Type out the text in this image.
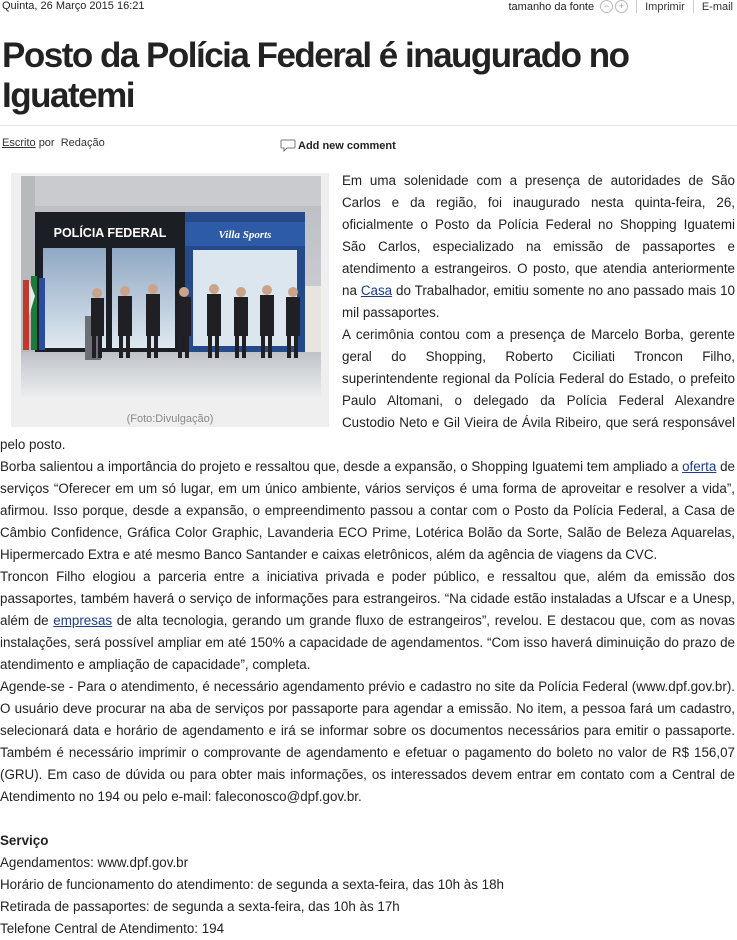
Quinta, 26 Março 2015 16:21	tamanho da fonte	−	+	Imprimir E-mail
Posto da Polícia Federal é inaugurado no Iguatemi
Escrito por Redação	Add new comment
POLÍCIA FEDERAL	Villa Sports
(Foto:Divulgação)

Em uma solenidade com a presença de autoridades de São Carlos e da região, foi inaugurado nesta quinta-feira, 26, oficialmente o Posto da Polícia Federal no Shopping Iguatemi São Carlos, especializado na emissão de passaportes e atendimento a estrangeiros. O posto, que atendia anteriormente na Casa do Trabalhador, emitiu somente no ano passado mais 10 mil passaportes.

A cerimônia contou com a presença de Marcelo Borba, gerente geral do Shopping, Roberto Ciciliati Troncon Filho, superintendente regional da Polícia Federal do Estado, o prefeito Paulo Altomani, o delegado da Polícia Federal Alexandre Custodio Neto e Gil Vieira de Ávila Ribeiro, que será responsável pelo posto.

Borba salientou a importância do projeto e ressaltou que, desde a expansão, o Shopping Iguatemi tem ampliado a oferta de serviços “Oferecer em um só lugar, em um único ambiente, vários serviços é uma forma de aproveitar e resolver a vida”, afirmou. Isso porque, desde a expansão, o empreendimento passou a contar com o Posto da Polícia Federal, a Casa de Câmbio Confidence, Gráfica Color Graphic, Lavanderia ECO Prime, Lotérica Bolão da Sorte, Salão de Beleza Aquarelas, Hipermercado Extra e até mesmo Banco Santander e caixas eletrônicos, além da agência de viagens da CVC.

Troncon Filho elogiou a parceria entre a iniciativa privada e poder público, e ressaltou que, além da emissão dos passaportes, também haverá o serviço de informações para estrangeiros. “Na cidade estão instaladas a Ufscar e a Unesp, além de empresas de alta tecnologia, gerando um grande fluxo de estrangeiros”, revelou. E destacou que, com as novas instalações, será possível ampliar em até 150% a capacidade de agendamentos. “Com isso haverá diminuição do prazo de atendimento e ampliação de capacidade”, completa.

Agende-se - Para o atendimento, é necessário agendamento prévio e cadastro no site da Polícia Federal (www.dpf.gov.br). O usuário deve procurar na aba de serviços por passaporte para agendar a emissão. No item, a pessoa fará um cadastro, selecionará data e horário de agendamento e irá se informar sobre os documentos necessários para emitir o passaporte. Também é necessário imprimir o comprovante de agendamento e efetuar o pagamento do boleto no valor de R$ 156,07 (GRU). Em caso de dúvida ou para obter mais informações, os interessados devem entrar em contato com a Central de Atendimento no 194 ou pelo e-mail: faleconosco@dpf.gov.br.

Serviço

Agendamentos: www.dpf.gov.br

Horário de funcionamento do atendimento: de segunda a sexta-feira, das 10h às 18h

Retirada de passaportes: de segunda a sexta-feira, das 10h às 17h

Telefone Central de Atendimento: 194
